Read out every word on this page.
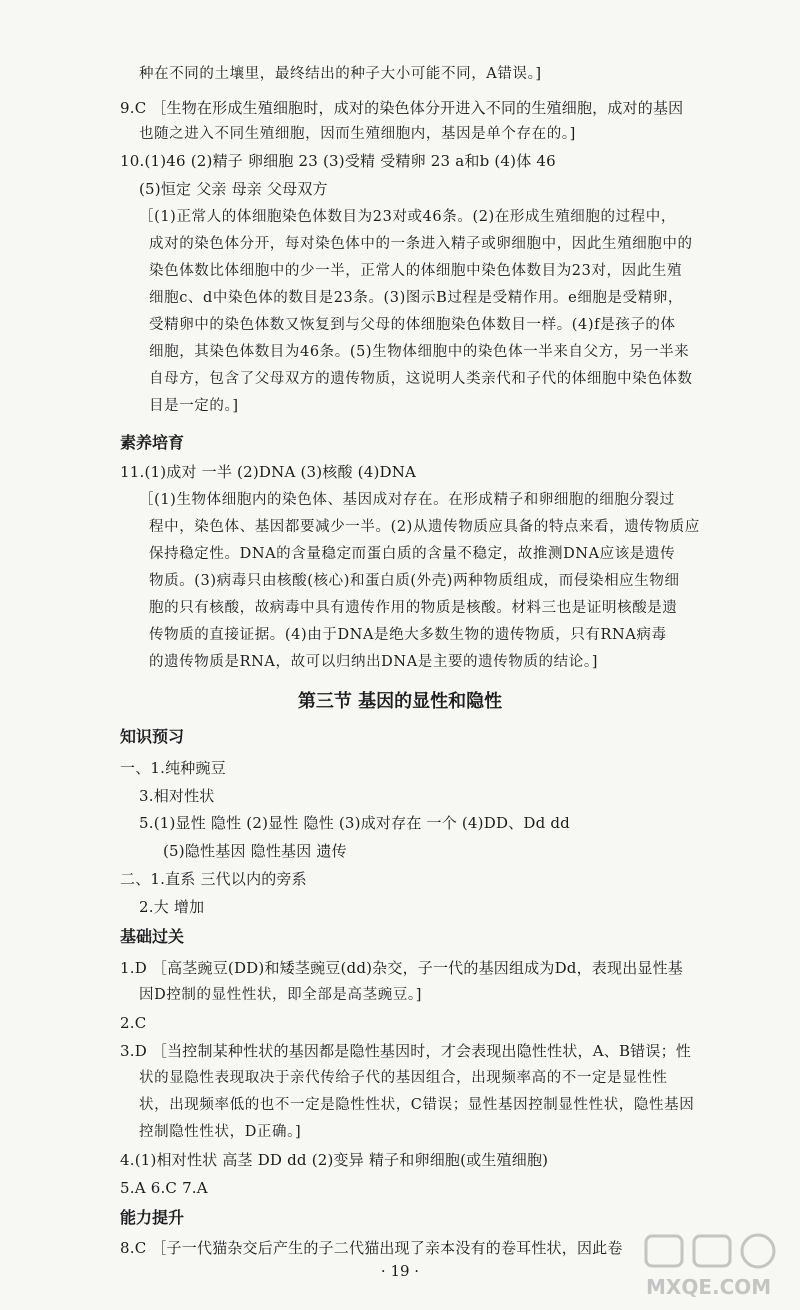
种在不同的土壤里，最终结出的种子大小可能不同，A错误。]
9.C ［生物在形成生殖细胞时，成对的染色体分开进入不同的生殖细胞，成对的基因
也随之进入不同生殖细胞，因而生殖细胞内，基因是单个存在的。]
10.(1)46 (2)精子 卵细胞 23 (3)受精 受精卵 23 a和b (4)体 46
(5)恒定 父亲 母亲 父母双方
［(1)正常人的体细胞染色体数目为23对或46条。(2)在形成生殖细胞的过程中，
成对的染色体分开，每对染色体中的一条进入精子或卵细胞中，因此生殖细胞中的
染色体数比体细胞中的少一半，正常人的体细胞中染色体数目为23对，因此生殖
细胞c、d中染色体的数目是23条。(3)图示B过程是受精作用。e细胞是受精卵，
受精卵中的染色体数又恢复到与父母的体细胞染色体数目一样。(4)f是孩子的体
细胞，其染色体数目为46条。(5)生物体细胞中的染色体一半来自父方，另一半来
自母方，包含了父母双方的遗传物质，这说明人类亲代和子代的体细胞中染色体数
目是一定的。]
素养培育
11.(1)成对 一半 (2)DNA (3)核酸 (4)DNA
［(1)生物体细胞内的染色体、基因成对存在。在形成精子和卵细胞的细胞分裂过
程中，染色体、基因都要减少一半。(2)从遗传物质应具备的特点来看，遗传物质应
保持稳定性。DNA的含量稳定而蛋白质的含量不稳定，故推测DNA应该是遗传
物质。(3)病毒只由核酸(核心)和蛋白质(外壳)两种物质组成，而侵染相应生物细
胞的只有核酸，故病毒中具有遗传作用的物质是核酸。材料三也是证明核酸是遗
传物质的直接证据。(4)由于DNA是绝大多数生物的遗传物质，只有RNA病毒
的遗传物质是RNA，故可以归纳出DNA是主要的遗传物质的结论。]
第三节 基因的显性和隐性
知识预习
一、1.纯种豌豆
3.相对性状
5.(1)显性 隐性 (2)显性 隐性 (3)成对存在 一个 (4)DD、Dd dd
(5)隐性基因 隐性基因 遗传
二、1.直系 三代以内的旁系
2.大 增加
基础过关
1.D ［高茎豌豆(DD)和矮茎豌豆(dd)杂交，子一代的基因组成为Dd，表现出显性基
因D控制的显性性状，即全部是高茎豌豆。]
2.C
3.D ［当控制某种性状的基因都是隐性基因时，才会表现出隐性性状，A、B错误；性
状的显隐性表现取决于亲代传给子代的基因组合，出现频率高的不一定是显性性
状，出现频率低的也不一定是隐性性状，C错误；显性基因控制显性性状，隐性基因
控制隐性性状，D正确。]
4.(1)相对性状 高茎 DD dd (2)变异 精子和卵细胞(或生殖细胞)
5.A 6.C 7.A
能力提升
8.C ［子一代猫杂交后产生的子二代猫出现了亲本没有的卷耳性状，因此卷
· 19 ·
MXQE.COM
